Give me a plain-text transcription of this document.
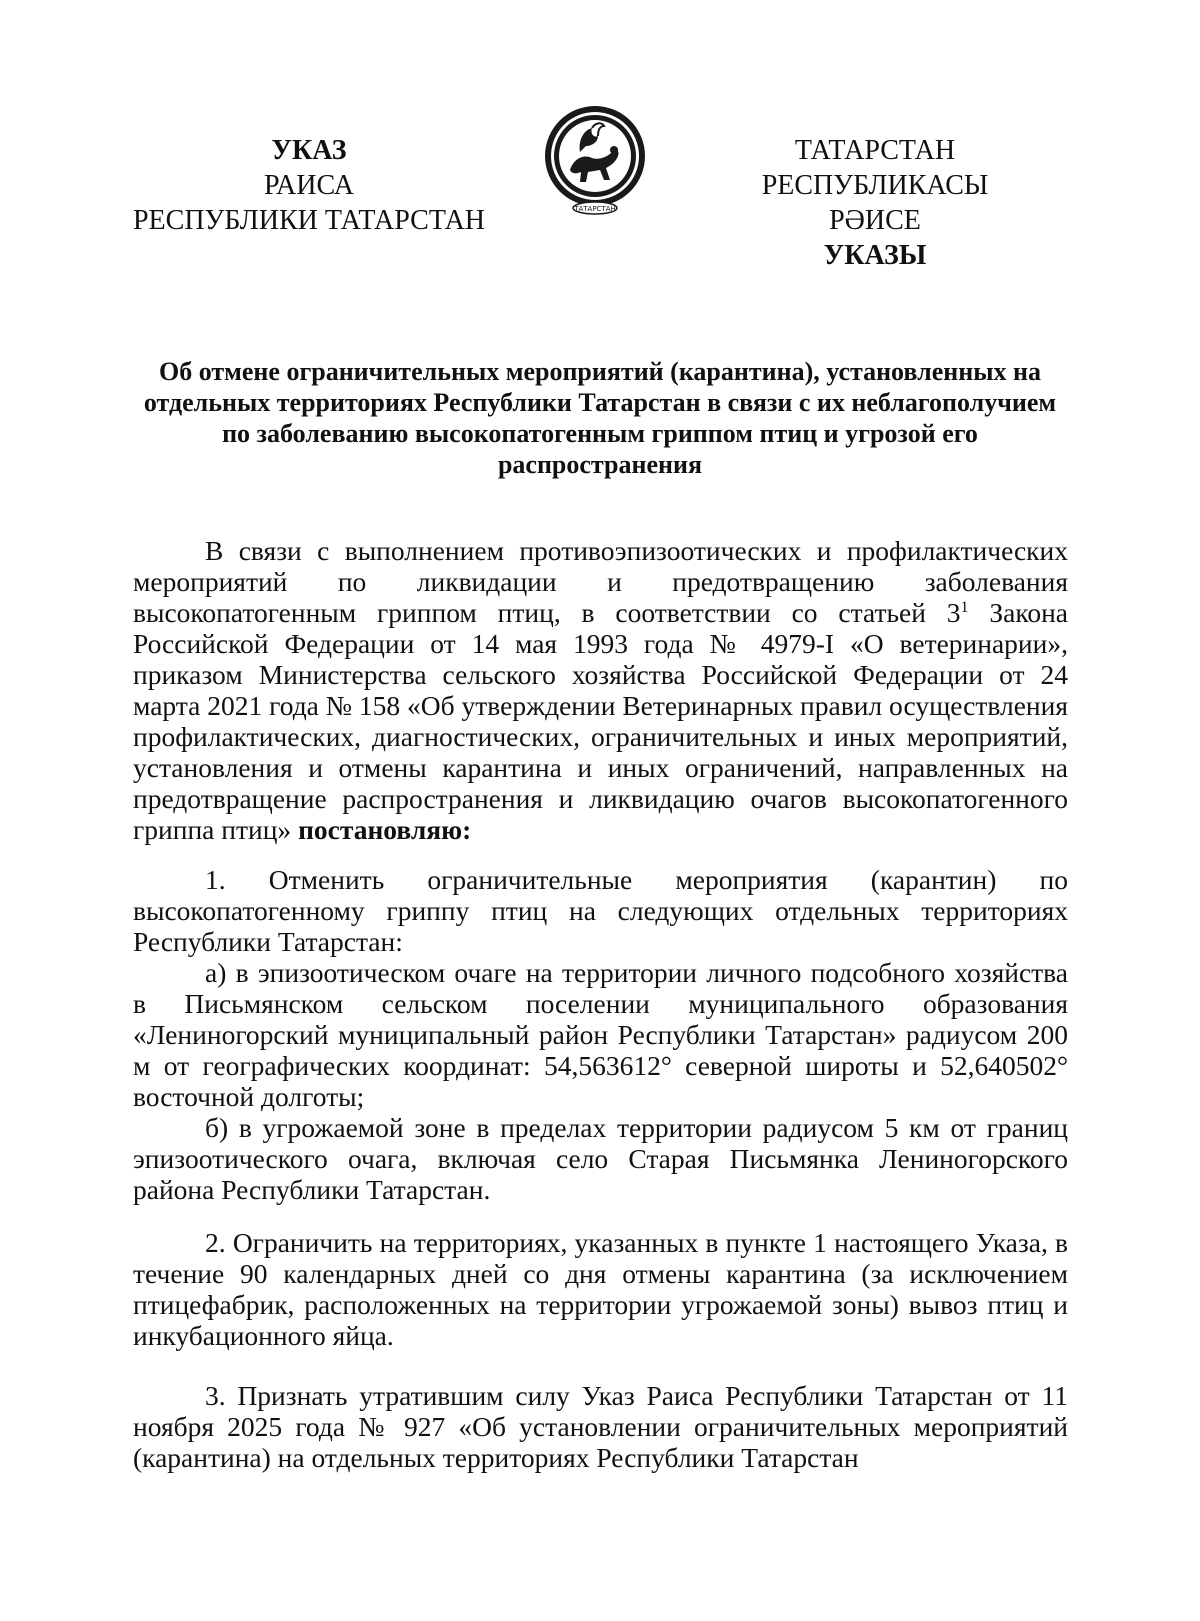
УКАЗ
РАИСА
РЕСПУБЛИКИ ТАТАРСТАН	ТАТАРСТАН
ТАТАРСТАН РЕСПУБЛИКАСЫ
РӘИСЕ
УКАЗЫ
Об отмене ограничительных мероприятий (карантина), установленных на отдельных территориях Республики Татарстан в связи с их неблагополучием по заболеванию высокопатогенным гриппом птиц и угрозой его распространения

В связи с выполнением противоэпизоотических и профилактических мероприятий по ликвидации и предотвращению заболевания высокопатогенным гриппом птиц, в соответствии со статьей $3^1$ Закона Российской Федерации от 14 мая 1993 года № 4979-I «О ветеринарии», приказом Министерства сельского хозяйства Российской Федерации от 24 марта 2021 года № 158 «Об утверждении Ветеринарных правил осуществления профилактических, диагностических, ограничительных и иных мероприятий, установления и отмены карантина и иных ограничений, направленных на предотвращение распространения и ликвидацию очагов высокопатогенного гриппа птиц» постановляю:

1. Отменить ограничительные мероприятия (карантин) по высокопатогенному гриппу птиц на следующих отдельных территориях Республики Татарстан:

а) в эпизоотическом очаге на территории личного подсобного хозяйства в Письмянском сельском поселении муниципального образования «Лениногорский муниципальный район Республики Татарстан» радиусом 200 м от географических координат: 54,563612° северной широты и 52,640502° восточной долготы;

б) в угрожаемой зоне в пределах территории радиусом 5 км от границ эпизоотического очага, включая село Старая Письмянка Лениногорского района Республики Татарстан.

2. Ограничить на территориях, указанных в пункте 1 настоящего Указа, в течение 90 календарных дней со дня отмены карантина (за исключением птицефабрик, расположенных на территории угрожаемой зоны) вывоз птиц и инкубационного яйца.

3. Признать утратившим силу Указ Раиса Республики Татарстан от 11 ноября 2025 года № 927 «Об установлении ограничительных мероприятий (карантина) на отдельных территориях Республики Татарстан
